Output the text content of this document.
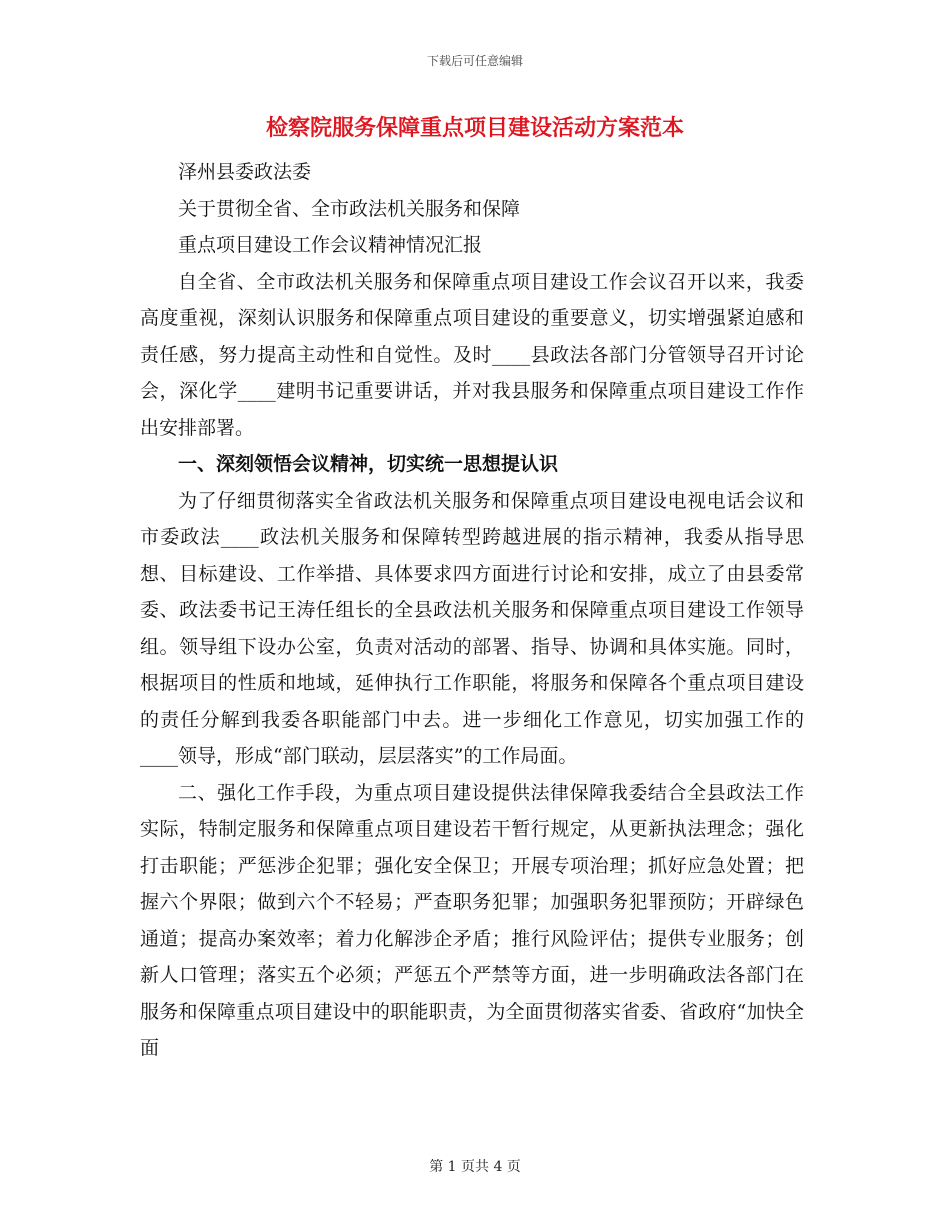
下载后可任意编辑
检察院服务保障重点项目建设活动方案范本

泽州县委政法委

关于贯彻全省、全市政法机关服务和保障

重点项目建设工作会议精神情况汇报

自全省、全市政法机关服务和保障重点项目建设工作会议召开以来，我委高度重视，深刻认识服务和保障重点项目建设的重要意义，切实增强紧迫感和责任感，努力提高主动性和自觉性。及时____县政法各部门分管领导召开讨论会，深化学____建明书记重要讲话，并对我县服务和保障重点项目建设工作作出安排部署。

一、深刻领悟会议精神，切实统一思想提认识

为了仔细贯彻落实全省政法机关服务和保障重点项目建设电视电话会议和市委政法____政法机关服务和保障转型跨越进展的指示精神，我委从指导思想、目标建设、工作举措、具体要求四方面进行讨论和安排，成立了由县委常委、政法委书记王涛任组长的全县政法机关服务和保障重点项目建设工作领导组。领导组下设办公室，负责对活动的部署、指导、协调和具体实施。同时，根据项目的性质和地域，延伸执行工作职能，将服务和保障各个重点项目建设的责任分解到我委各职能部门中去。进一步细化工作意见，切实加强工作的____领导，形成“部门联动，层层落实”的工作局面。

二、强化工作手段，为重点项目建设提供法律保障我委结合全县政法工作实际，特制定服务和保障重点项目建设若干暂行规定，从更新执法理念；强化打击职能；严惩涉企犯罪；强化安全保卫；开展专项治理；抓好应急处置；把握六个界限；做到六个不轻易；严查职务犯罪；加强职务犯罪预防；开辟绿色通道；提高办案效率；着力化解涉企矛盾；推行风险评估；提供专业服务；创新人口管理；落实五个必须；严惩五个严禁等方面，进一步明确政法各部门在服务和保障重点项目建设中的职能职责，为全面贯彻落实省委、省政府“加快全面

第 1 页共 4 页
